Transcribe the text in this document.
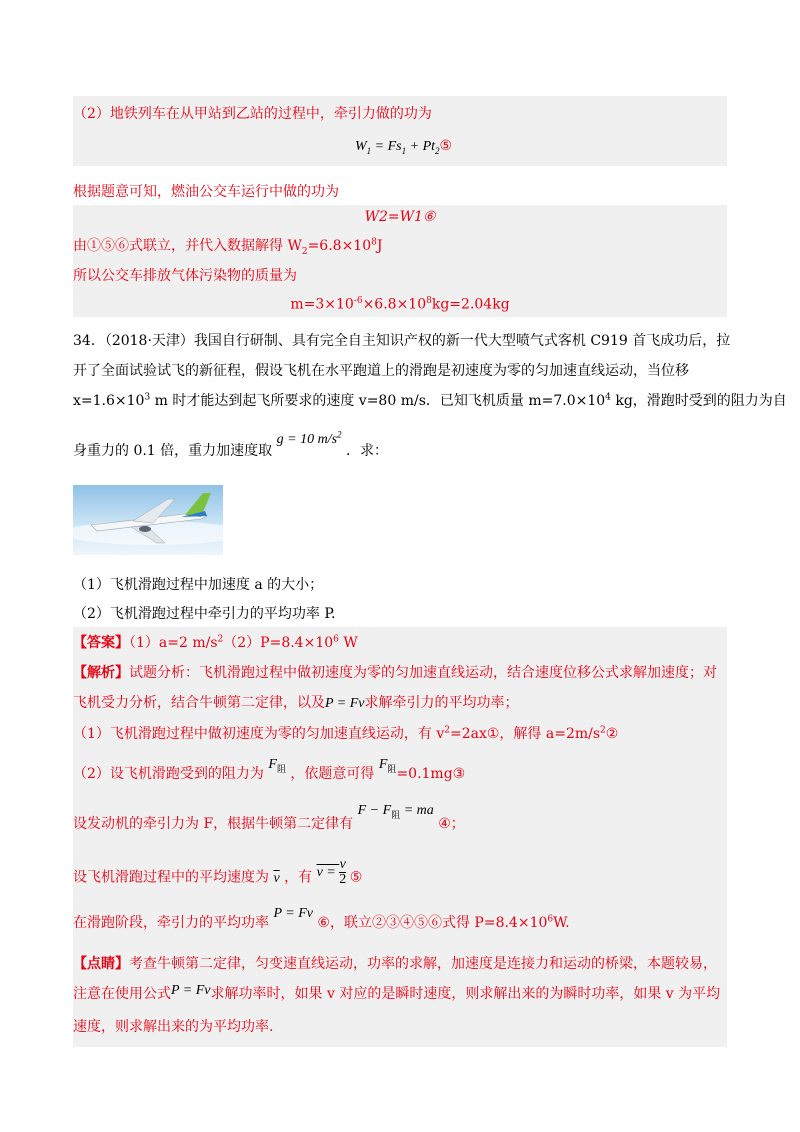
（2）地铁列车在从甲站到乙站的过程中，牵引力做的功为
$W_1 = Fs_1$ + $Pt_2⑤$
根据题意可知，燃油公交车运行中做的功为
W2=W1⑥
由①⑤⑥式联立，并代入数据解得 $W_2=6.8\times 10^8J$
所以公交车排放气体污染物的质量为
$m=3\times 10^{-6}\times 6.8\times 10^8kg=2.04kg$
34．（2018·天津）我国自行研制、具有完全自主知识产权的新一代大型喷气式客机 C919 首飞成功后，拉
开了全面试验试飞的新征程，假设飞机在水平跑道上的滑跑是初速度为零的匀加速直线运动，当位移
$x=1.6\times 10^3$ m 时才能达到起飞所要求的速度 v=80 m/s．已知飞机质量 $m=7.0\times 10^4$ kg，滑跑时受到的阻力为自
身重力的 0.1 倍，重力加速度取 g = 10 $m/s^2$ ．求：
（1）飞机滑跑过程中加速度 a 的大小；
（2）飞机滑跑过程中牵引力的平均功率 P.
【答案】（1）a=2 $m/s^2(2)P=8.4\times 10^6$ W
【解析】试题分析：飞机滑跑过程中做初速度为零的匀加速直线运动，结合速度位移公式求解加速度；对
飞机受力分析，结合牛顿第二定律，以及P = Fv求解牵引力的平均功率；
（1）飞机滑跑过程中做初速度为零的匀加速直线运动，有 $v^2=2ax①$，解得 $a=2m/s^2②$
（2）设飞机滑跑受到的阻力为 $F_阻$ ，依题意可得 $F_阻=0.1mg③$
设发动机的牵引力为 F，根据牛顿第二定律有 $F - F_阻$ = ma ④；
设飞机滑跑过程中的平均速度为 $\overline{v}$ ，有 $v = \frac{v}{2}$ ⑤
在滑跑阶段，牵引力的平均功率 P = Fv ⑥，联立②③④⑤⑥式得 $P=8.4\times 10^6W$.
【点睛】考查牛顿第二定律，匀变速直线运动，功率的求解，加速度是连接力和运动的桥梁，本题较易，
注意在使用公式P = Fv求解功率时，如果 v 对应的是瞬时速度，则求解出来的为瞬时功率，如果 v 为平均
速度，则求解出来的为平均功率.
